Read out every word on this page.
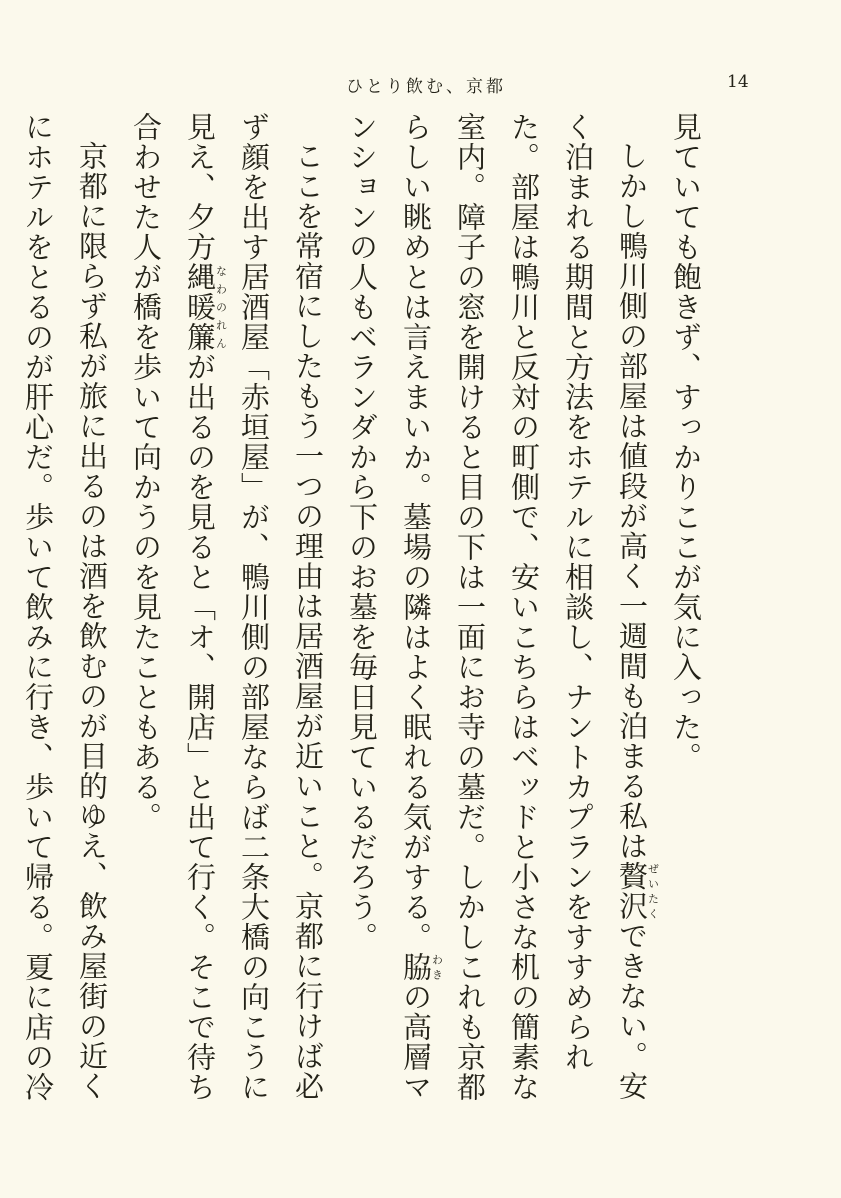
ひとり飲む、京都	14

見ていても飽きず、すっかりここが気に入った。

しかし鴨川側の部屋は値段が高く一週間も泊まる私は贅沢ぜいたくできない。安く泊まれる期間と方法をホテルに相談し、ナントカプランをすすめられた。部屋は鴨川と反対の町側で、安いこちらはベッドと小さな机の簡素な室内。障子の窓を開けると目の下は一面にお寺の墓だ。しかしこれも京都らしい眺めとは言えまいか。墓場の隣はよく眠れる気がする。脇わきの高層マンションの人もベランダから下のお墓を毎日見ているだろう。

ここを常宿にしたもう一つの理由は居酒屋が近いこと。京都に行けば必ず顔を出す居酒屋「赤垣屋」が、鴨川側の部屋ならば二条大橋の向こうに見え、夕方縄暖簾なわのれんが出るのを見ると「オ、開店」と出て行く。そこで待ち合わせた人が橋を歩いて向かうのを見たこともある。

京都に限らず私が旅に出るのは酒を飲むのが目的ゆえ、飲み屋街の近くにホテルをとるのが肝心だ。歩いて飲みに行き、歩いて帰る。夏に店の冷
